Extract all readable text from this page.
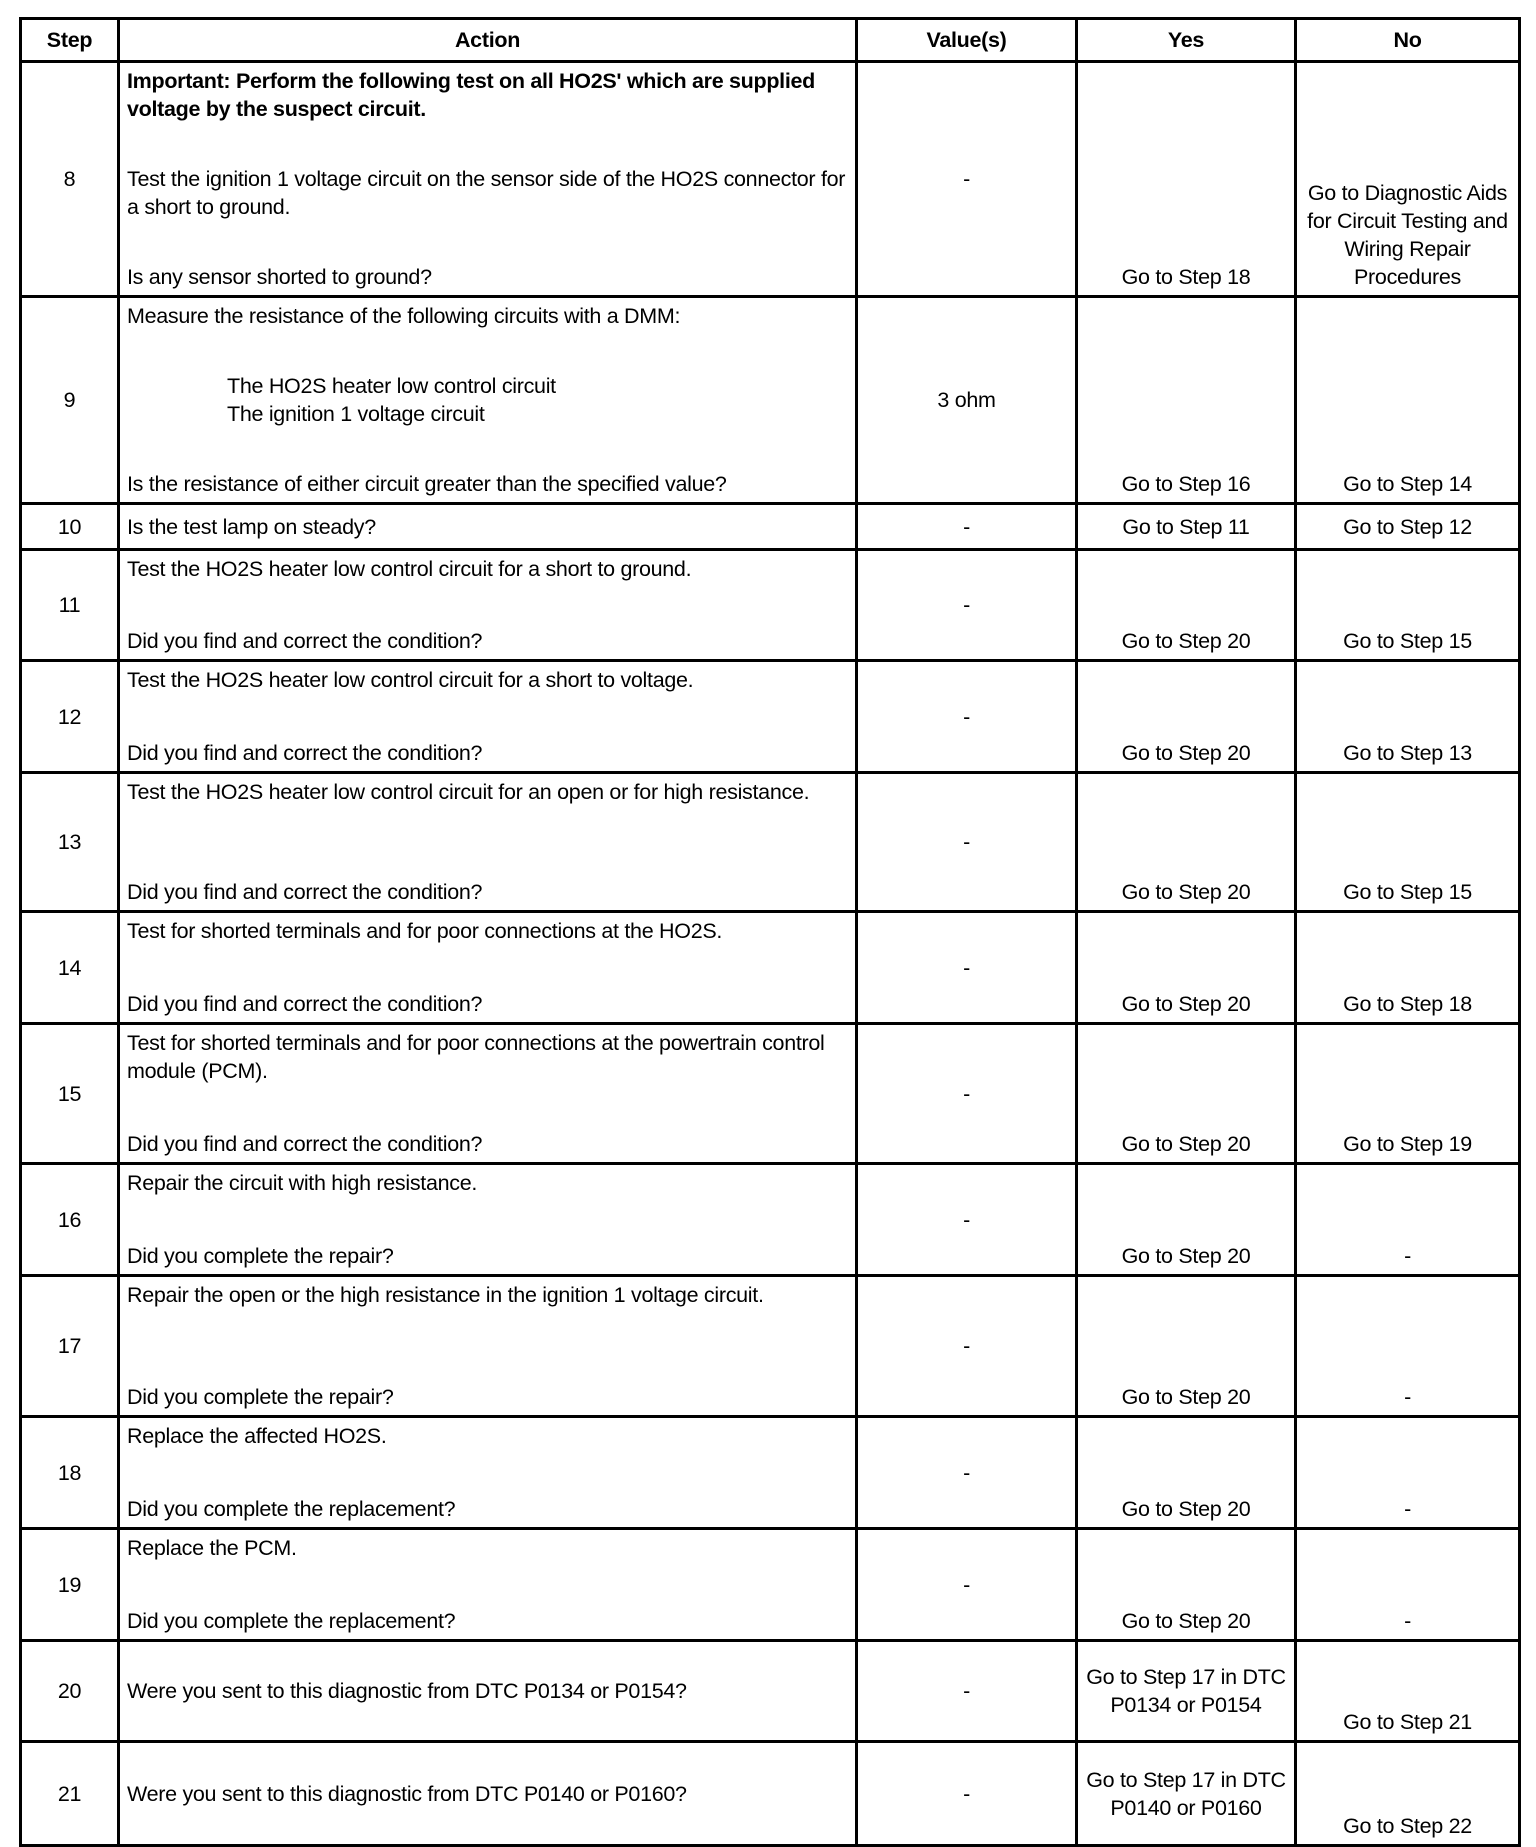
Step	Action	Value(s)	Yes	No
8	Important: Perform the following test on all HO2S' which are supplied voltage by the suspect circuit.
Test the ignition 1 voltage circuit on the sensor side of the HO2S connector for a short to ground.
Is any sensor shorted to ground?	-	Go to Step 18	Go to Diagnostic Aids for Circuit Testing and Wiring Repair Procedures
9	Measure the resistance of the following circuits with a DMM:
The HO2S heater low control circuit
The ignition 1 voltage circuit
Is the resistance of either circuit greater than the specified value?	3 ohm	Go to Step 16	Go to Step 14
10	Is the test lamp on steady?	-	Go to Step 11	Go to Step 12
11	Test the HO2S heater low control circuit for a short to ground.
Did you find and correct the condition?	-	Go to Step 20	Go to Step 15
12	Test the HO2S heater low control circuit for a short to voltage.
Did you find and correct the condition?	-	Go to Step 20	Go to Step 13
13	Test the HO2S heater low control circuit for an open or for high resistance.
Did you find and correct the condition?	-	Go to Step 20	Go to Step 15
14	Test for shorted terminals and for poor connections at the HO2S.
Did you find and correct the condition?	-	Go to Step 20	Go to Step 18
15	Test for shorted terminals and for poor connections at the powertrain control module (PCM).
Did you find and correct the condition?	-	Go to Step 20	Go to Step 19
16	Repair the circuit with high resistance.
Did you complete the repair?	-	Go to Step 20	-
17	Repair the open or the high resistance in the ignition 1 voltage circuit.
Did you complete the repair?	-	Go to Step 20	-
18	Replace the affected HO2S.
Did you complete the replacement?	-	Go to Step 20	-
19	Replace the PCM.
Did you complete the replacement?	-	Go to Step 20	-
20	Were you sent to this diagnostic from DTC P0134 or P0154?	-	Go to Step 17 in DTC P0134 or P0154	Go to Step 21
21	Were you sent to this diagnostic from DTC P0140 or P0160?	-	Go to Step 17 in DTC P0140 or P0160	Go to Step 22
